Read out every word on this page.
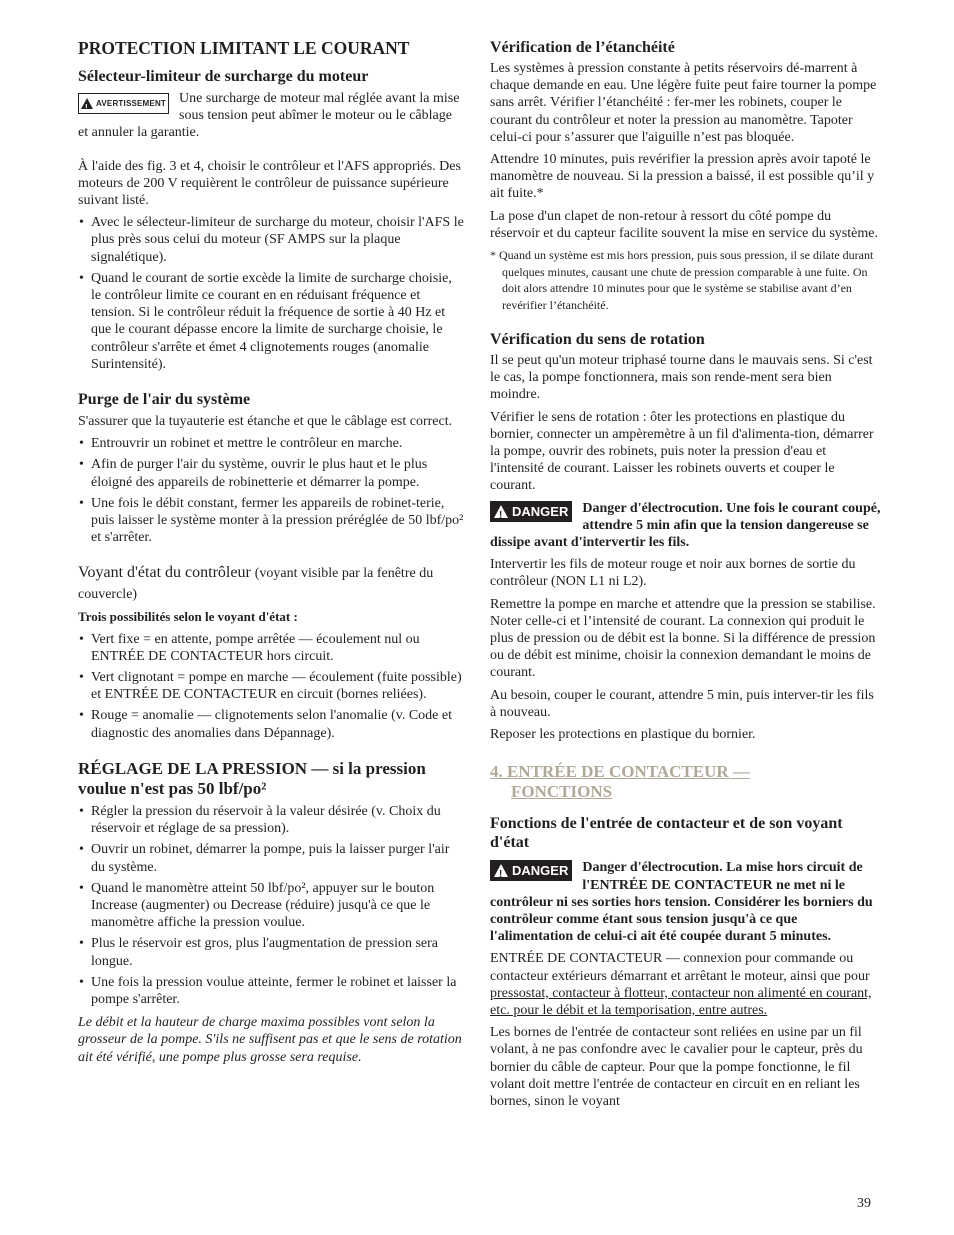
PROTECTION LIMITANT LE COURANT
Sélecteur-limiteur de surcharge du moteur

!
AVERTISSEMENT Une surcharge de moteur mal réglée avant la mise sous tension peut abîmer le moteur ou le câblage et annuler la garantie.

À l'aide des fig. 3 et 4, choisir le contrôleur et l'AFS appropriés. Des moteurs de 200 V requièrent le contrôleur de puissance supérieure suivant listé.

• Avec le sélecteur-limiteur de surcharge du moteur, choisir l'AFS le plus près sous celui du moteur (SF AMPS sur la plaque signalétique).
• Quand le courant de sortie excède la limite de surcharge choisie, le contrôleur limite ce courant en en réduisant fréquence et tension. Si le contrôleur réduit la fréquence de sortie à 40 Hz et que le courant dépasse encore la limite de surcharge choisie, le contrôleur s'arrête et émet 4 clignotements rouges (anomalie Surintensité).
Purge de l'air du système

S'assurer que la tuyauterie est étanche et que le câblage est correct.

• Entrouvrir un robinet et mettre le contrôleur en marche.
• Afin de purger l'air du système, ouvrir le plus haut et le plus éloigné des appareils de robinetterie et démarrer la pompe.
• Une fois le débit constant, fermer les appareils de robinet-terie, puis laisser le système monter à la pression préréglée de 50 lbf/po² et s'arrêter.
Voyant d'état du contrôleur (voyant visible par la fenêtre du couvercle)

Trois possibilités selon le voyant d'état :

• Vert fixe = en attente, pompe arrêtée — écoulement nul ou ENTRÉE DE CONTACTEUR hors circuit.
• Vert clignotant = pompe en marche — écoulement (fuite possible) et ENTRÉE DE CONTACTEUR en circuit (bornes reliées).
• Rouge = anomalie — clignotements selon l'anomalie (v. Code et diagnostic des anomalies dans Dépannage).

RÉGLAGE DE LA PRESSION — si la pression voulue n'est pas 50 lbf/po²

• Régler la pression du réservoir à la valeur désirée (v. Choix du réservoir et réglage de sa pression).
• Ouvrir un robinet, démarrer la pompe, puis la laisser purger l'air du système.
• Quand le manomètre atteint 50 lbf/po², appuyer sur le bouton Increase (augmenter) ou Decrease (réduire) jusqu'à ce que le manomètre affiche la pression voulue.
• Plus le réservoir est gros, plus l'augmentation de pression sera longue.
• Une fois la pression voulue atteinte, fermer le robinet et laisser la pompe s'arrêter.

Le débit et la hauteur de charge maxima possibles vont selon la grosseur de la pompe. S'ils ne suffisent pas et que le sens de rotation ait été vérifié, une pompe plus grosse sera requise.

Vérification de l’étanchéité

Les systèmes à pression constante à petits réservoirs dé-marrent à chaque demande en eau. Une légère fuite peut faire tourner la pompe sans arrêt. Vérifier l’étanchéité : fer-mer les robinets, couper le courant du contrôleur et noter la pression au manomètre. Tapoter celui-ci pour s’assurer que l'aiguille n’est pas bloquée.

Attendre 10 minutes, puis revérifier la pression après avoir tapoté le manomètre de nouveau. Si la pression a baissé, il est possible qu’il y ait fuite.*

La pose d'un clapet de non-retour à ressort du côté pompe du réservoir et du capteur facilite souvent la mise en service du système.

* Quand un système est mis hors pression, puis sous pression, il se dilate durant quelques minutes, causant une chute de pression comparable à une fuite. On doit alors attendre 10 minutes pour que le système se stabilise avant d’en revérifier l’étanchéité.

Vérification du sens de rotation

Il se peut qu'un moteur triphasé tourne dans le mauvais sens. Si c'est le cas, la pompe fonctionnera, mais son rende-ment sera bien moindre.

Vérifier le sens de rotation : ôter les protections en plastique du bornier, connecter un ampèremètre à un fil d'alimenta-tion, démarrer la pompe, ouvrir des robinets, puis noter la pression d'eau et l'intensité de courant. Laisser les robinets ouverts et couper le courant.

!
DANGER Danger d'électrocution. Une fois le courant coupé, attendre 5 min afin que la tension dangereuse se dissipe avant d'intervertir les fils.

Intervertir les fils de moteur rouge et noir aux bornes de sortie du contrôleur (NON L1 ni L2).

Remettre la pompe en marche et attendre que la pression se stabilise. Noter celle-ci et l’intensité de courant. La connexion qui produit le plus de pression ou de débit est la bonne. Si la différence de pression ou de débit est minime, choisir la connexion demandant le moins de courant.

Au besoin, couper le courant, attendre 5 min, puis interver-tir les fils à nouveau.

Reposer les protections en plastique du bornier.

4. ENTRÉE DE CONTACTEUR —
FONCTIONS

Fonctions de l'entrée de contacteur et de son voyant d'état

!
DANGER Danger d'électrocution. La mise hors circuit de l'ENTRÉE DE CONTACTEUR ne met ni le contrôleur ni ses sorties hors tension. Considérer les borniers du contrôleur comme étant sous tension jusqu'à ce que l'alimentation de celui-ci ait été coupée durant 5 minutes.

ENTRÉE DE CONTACTEUR — connexion pour commande ou contacteur extérieurs démarrant et arrêtant le moteur, ainsi que pour pressostat, contacteur à flotteur, contacteur non alimenté en courant, etc. pour le débit et la temporisation, entre autres.

Les bornes de l'entrée de contacteur sont reliées en usine par un fil volant, à ne pas confondre avec le cavalier pour le capteur, près du bornier du câble de capteur. Pour que la pompe fonctionne, le fil volant doit mettre l'entrée de contacteur en circuit en en reliant les bornes, sinon le voyant

39
